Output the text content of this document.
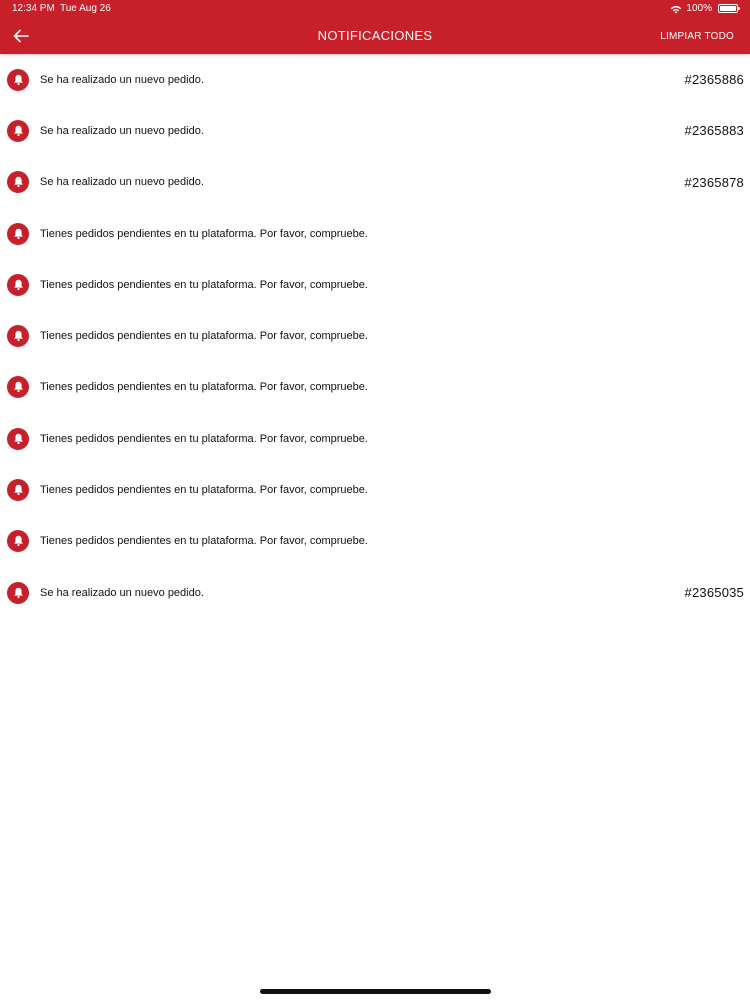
12:34 PM Tue Aug 26	100%
NOTIFICACIONES	LIMPIAR TODO
Se ha realizado un nuevo pedido.	#2365886
Se ha realizado un nuevo pedido.	#2365883
Se ha realizado un nuevo pedido.	#2365878
Tienes pedidos pendientes en tu plataforma. Por favor, compruebe.
Tienes pedidos pendientes en tu plataforma. Por favor, compruebe.
Tienes pedidos pendientes en tu plataforma. Por favor, compruebe.
Tienes pedidos pendientes en tu plataforma. Por favor, compruebe.
Tienes pedidos pendientes en tu plataforma. Por favor, compruebe.
Tienes pedidos pendientes en tu plataforma. Por favor, compruebe.
Tienes pedidos pendientes en tu plataforma. Por favor, compruebe.
Se ha realizado un nuevo pedido.	#2365035
